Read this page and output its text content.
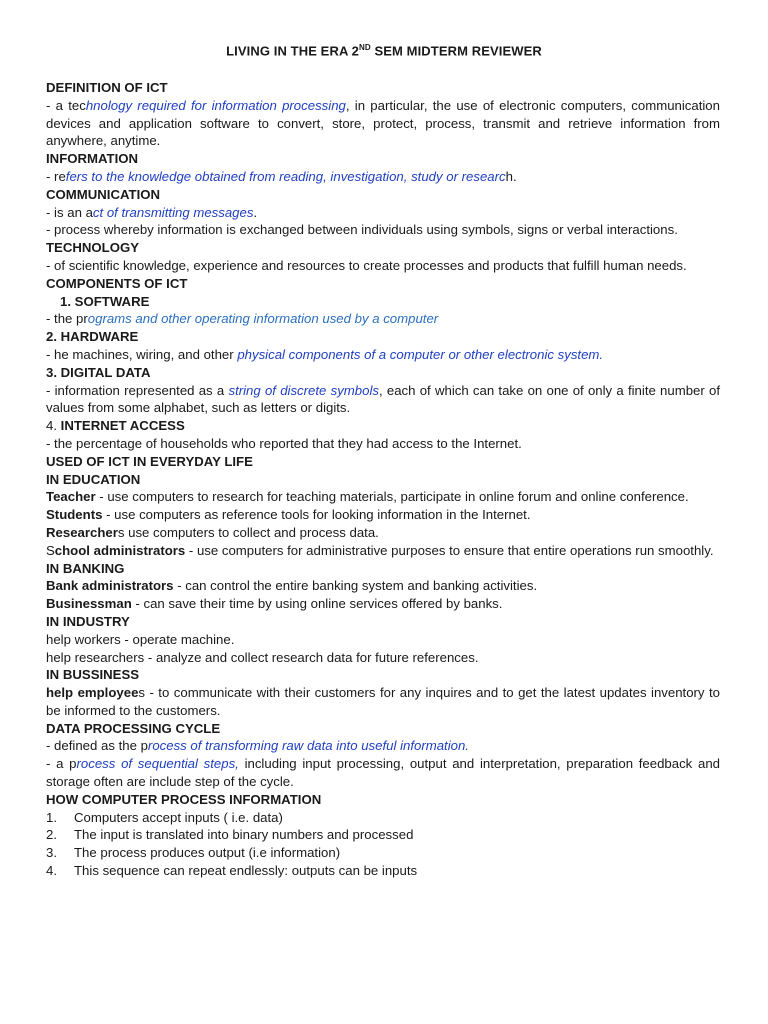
LIVING IN THE ERA 2ND SEM MIDTERM REVIEWER

DEFINITION OF ICT

- a technology required for information processing, in particular, the use of electronic computers, communication devices and application software to convert, store, protect, process, transmit and retrieve information from anywhere, anytime.

INFORMATION

- refers to the knowledge obtained from reading, investigation, study or research.

COMMUNICATION

- is an act of transmitting messages.

- process whereby information is exchanged between individuals using symbols, signs or verbal interactions.

TECHNOLOGY

- of scientific knowledge, experience and resources to create processes and products that fulfill human needs.

COMPONENTS OF ICT

1. SOFTWARE

- the programs and other operating information used by a computer

2. HARDWARE

- he machines, wiring, and other physical components of a computer or other electronic system.

3. DIGITAL DATA

- information represented as a string of discrete symbols, each of which can take on one of only a finite number of values from some alphabet, such as letters or digits.

4. INTERNET ACCESS

- the percentage of households who reported that they had access to the Internet.

USED OF ICT IN EVERYDAY LIFE

IN EDUCATION

Teacher - use computers to research for teaching materials, participate in online forum and online conference.

Students - use computers as reference tools for looking information in the Internet.

Researchers use computers to collect and process data.

School administrators - use computers for administrative purposes to ensure that entire operations run smoothly.

IN BANKING

Bank administrators - can control the entire banking system and banking activities.

Businessman - can save their time by using online services offered by banks.

IN INDUSTRY

help workers - operate machine.

help researchers - analyze and collect research data for future references.

IN BUSSINESS

help employees - to communicate with their customers for any inquires and to get the latest updates inventory to be informed to the customers.

DATA PROCESSING CYCLE

- defined as the process of transforming raw data into useful information.

- a process of sequential steps, including input processing, output and interpretation, preparation feedback and storage often are include step of the cycle.

HOW COMPUTER PROCESS INFORMATION

1. Computers accept inputs ( i.e. data)

2. The input is translated into binary numbers and processed

3. The process produces output (i.e information)

4. This sequence can repeat endlessly: outputs can be inputs
